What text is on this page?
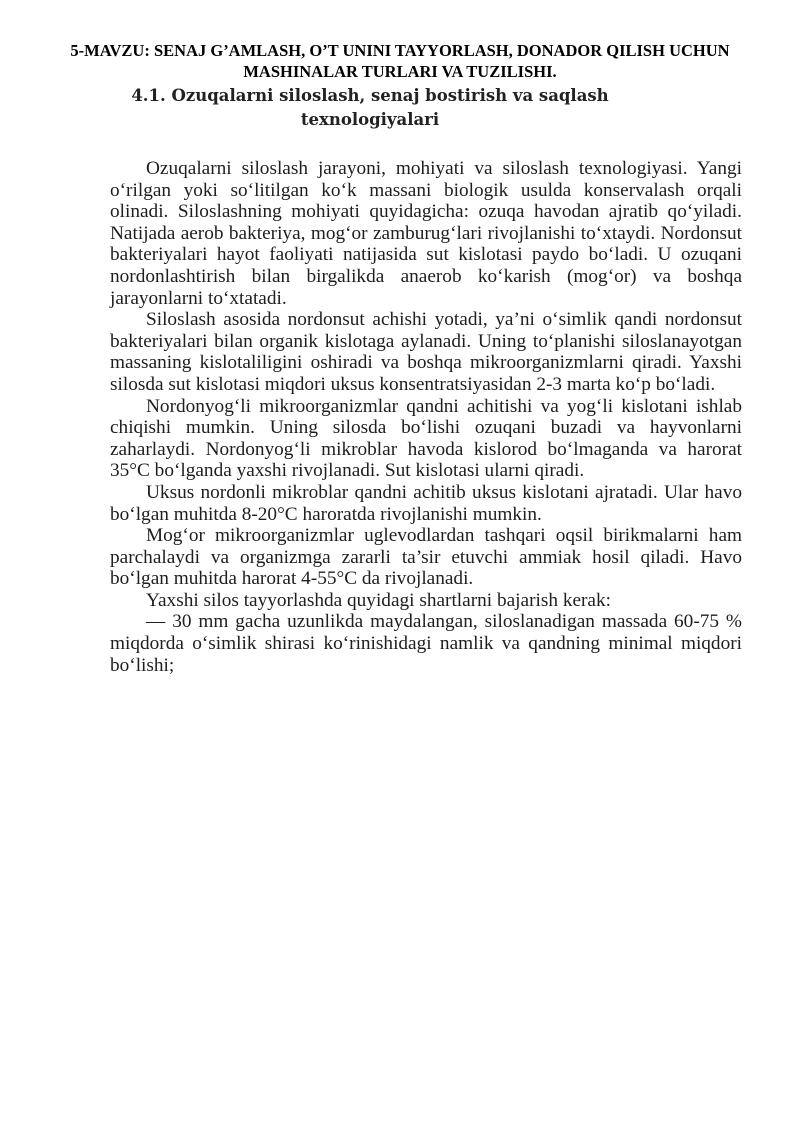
5-MAVZU: SENAJ G’AMLASH, O’T UNINI TAYYORLASH, DONADOR QILISH UCHUN MASHINALAR TURLARI VA TUZILISHI.
4.1. Ozuqalarni siloslash, senaj bostirish va saqlash texnologiyalari

Ozuqalarni siloslash jarayoni, mohiyati va siloslash texnologiyasi. Yangi o‘rilgan yoki so‘litilgan ko‘k massani biologik usulda konservalash orqali olinadi. Siloslashning mohiyati quyidagicha: ozuqa havodan ajratib qo‘yiladi. Natijada aerob bakteriya, mog‘or zamburug‘lari rivojlanishi to‘xtaydi. Nordonsut bakteriyalari hayot faoliyati natijasida sut kislotasi paydo bo‘ladi. U ozuqani nordonlashtirish bilan birgalikda anaerob ko‘karish (mog‘or) va boshqa jarayonlarni to‘xtatadi.

Siloslash asosida nordonsut achishi yotadi, ya’ni o‘simlik qandi nordonsut bakteriyalari bilan organik kislotaga aylanadi. Uning to‘planishi siloslanayotgan massaning kislotaliligini oshiradi va boshqa mikroorganizmlarni qiradi. Yaxshi silosda sut kislotasi miqdori uksus konsentratsiyasidan 2-3 marta ko‘p bo‘ladi.

Nordonyog‘li mikroorganizmlar qandni achitishi va yog‘li kislotani ishlab chiqishi mumkin. Uning silosda bo‘lishi ozuqani buzadi va hayvonlarni zaharlaydi. Nordonyog‘li mikroblar havoda kislorod bo‘lmaganda va harorat 35°C bo‘lganda yaxshi rivojlanadi. Sut kislotasi ularni qiradi.

Uksus nordonli mikroblar qandni achitib uksus kislotani ajratadi. Ular havo bo‘lgan muhitda 8-20°C haroratda rivojlanishi mumkin.

Mog‘or mikroorganizmlar uglevodlardan tashqari oqsil birikmalarni ham parchalaydi va organizmga zararli ta’sir etuvchi ammiak hosil qiladi. Havo bo‘lgan muhitda harorat 4-55°C da rivojlanadi.

Yaxshi silos tayyorlashda quyidagi shartlarni bajarish kerak:

— 30 mm gacha uzunlikda maydalangan, siloslanadigan massada 60-75 % miqdorda o‘simlik shirasi ko‘rinishidagi namlik va qandning minimal miqdori bo‘lishi;
